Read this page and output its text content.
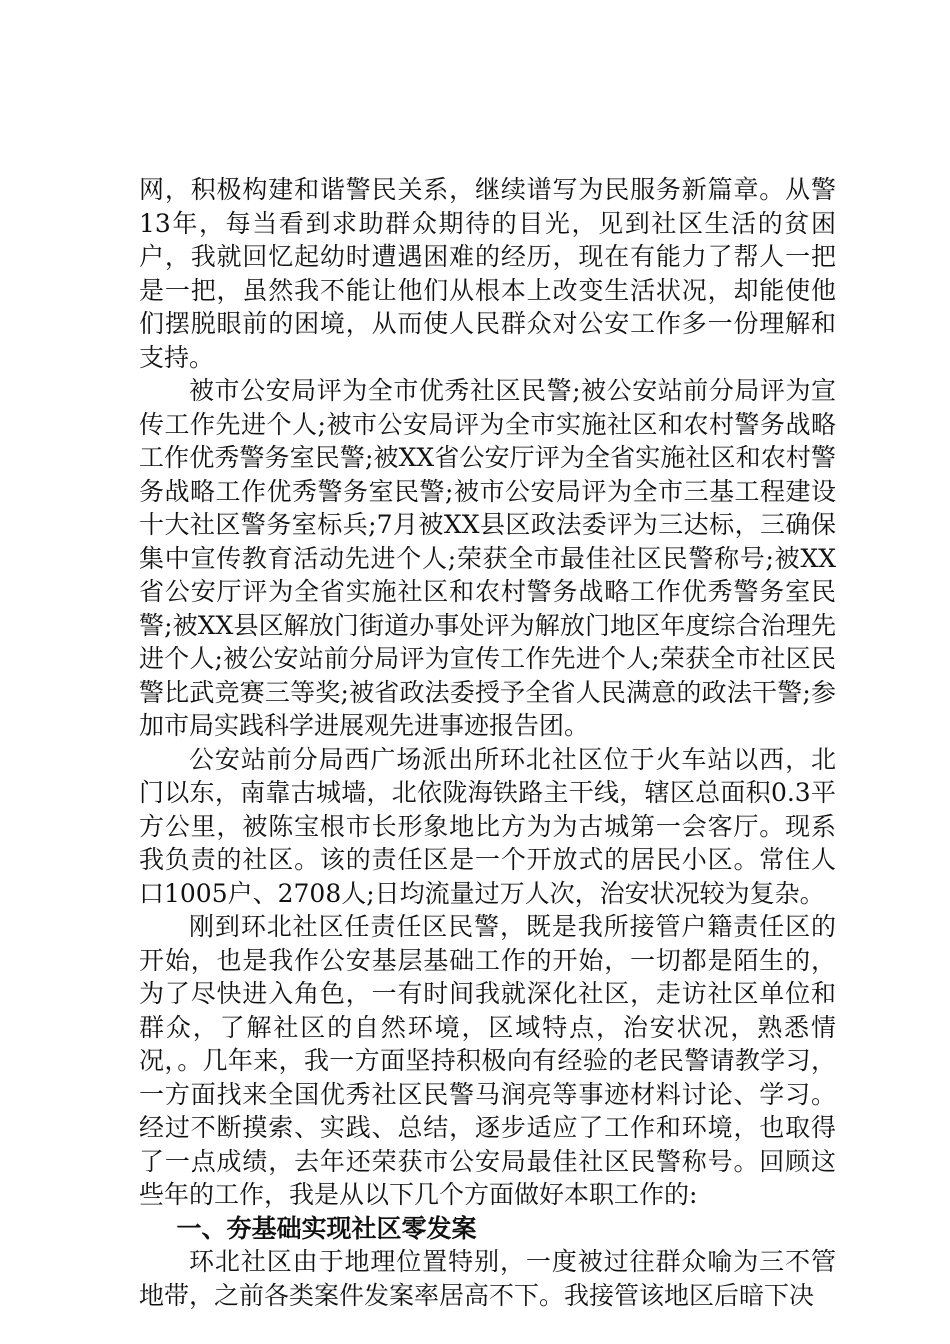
网，积极构建和谐警民关系，继续谱写为民服务新篇章。从警13年，每当看到求助群众期待的目光，见到社区生活的贫困户，我就回忆起幼时遭遇困难的经历，现在有能力了帮人一把是一把，虽然我不能让他们从根本上改变生活状况，却能使他们摆脱眼前的困境，从而使人民群众对公安工作多一份理解和支持。

被市公安局评为全市优秀社区民警;被公安站前分局评为宣传工作先进个人;被市公安局评为全市实施社区和农村警务战略工作优秀警务室民警;被XX省公安厅评为全省实施社区和农村警务战略工作优秀警务室民警;被市公安局评为全市三基工程建设十大社区警务室标兵;7月被XX县区政法委评为三达标，三确保集中宣传教育活动先进个人;荣获全市最佳社区民警称号;被XX省公安厅评为全省实施社区和农村警务战略工作优秀警务室民警;被XX县区解放门街道办事处评为解放门地区年度综合治理先进个人;被公安站前分局评为宣传工作先进个人;荣获全市社区民警比武竞赛三等奖;被省政法委授予全省人民满意的政法干警;参加市局实践科学进展观先进事迹报告团。

公安站前分局西广场派出所环北社区位于火车站以西，北门以东，南靠古城墙，北依陇海铁路主干线，辖区总面积0.3平方公里，被陈宝根市长形象地比方为为古城第一会客厅。现系我负责的社区。该的责任区是一个开放式的居民小区。常住人口1005户、2708人;日均流量过万人次，治安状况较为复杂。

刚到环北社区任责任区民警，既是我所接管户籍责任区的开始，也是我作公安基层基础工作的开始，一切都是陌生的，为了尽快进入角色，一有时间我就深化社区，走访社区单位和群众，了解社区的自然环境，区域特点，治安状况，熟悉情况，。几年来，我一方面坚持积极向有经验的老民警请教学习，一方面找来全国优秀社区民警马润亮等事迹材料讨论、学习。经过不断摸索、实践、总结，逐步适应了工作和环境，也取得了一点成绩，去年还荣获市公安局最佳社区民警称号。回顾这些年的工作，我是从以下几个方面做好本职工作的:

一、夯基础实现社区零发案

环北社区由于地理位置特别，一度被过往群众喻为三不管地带，之前各类案件发案率居高不下。我接管该地区后暗下决
